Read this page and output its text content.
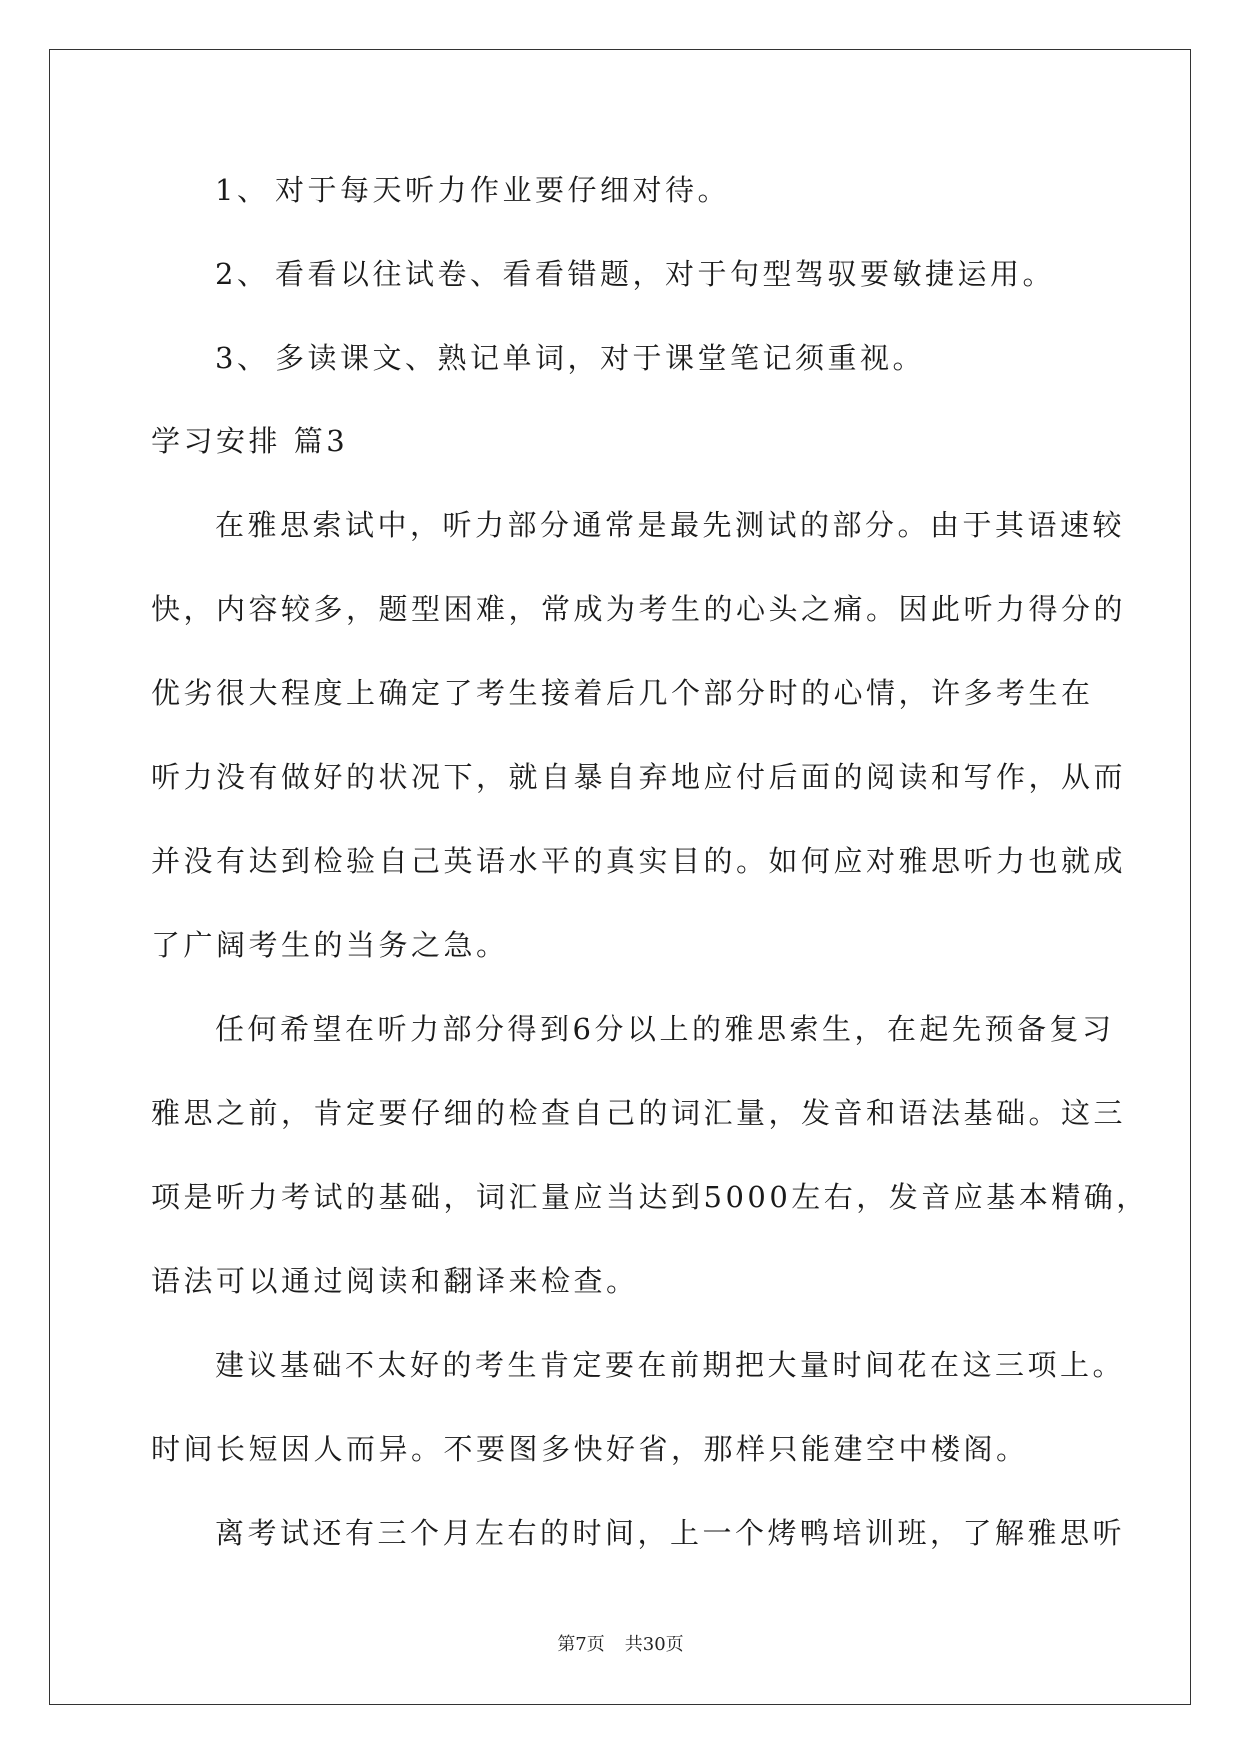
1、 对于每天听力作业要仔细对待。
2、 看看以往试卷、看看错题，对于句型驾驭要敏捷运用。
3、 多读课文、熟记单词，对于课堂笔记须重视。
学习安排 篇3
在雅思索试中，听力部分通常是最先测试的部分。由于其语速较
快，内容较多，题型困难，常成为考生的心头之痛。因此听力得分的
优劣很大程度上确定了考生接着后几个部分时的心情，许多考生在
听力没有做好的状况下，就自暴自弃地应付后面的阅读和写作，从而
并没有达到检验自己英语水平的真实目的。如何应对雅思听力也就成
了广阔考生的当务之急。
任何希望在听力部分得到6分以上的雅思索生，在起先预备复习
雅思之前，肯定要仔细的检查自己的词汇量，发音和语法基础。这三
项是听力考试的基础，词汇量应当达到5000左右，发音应基本精确，
语法可以通过阅读和翻译来检查。
建议基础不太好的考生肯定要在前期把大量时间花在这三项上。
时间长短因人而异。不要图多快好省，那样只能建空中楼阁。
离考试还有三个月左右的时间，上一个烤鸭培训班，了解雅思听
第7页 共30页
